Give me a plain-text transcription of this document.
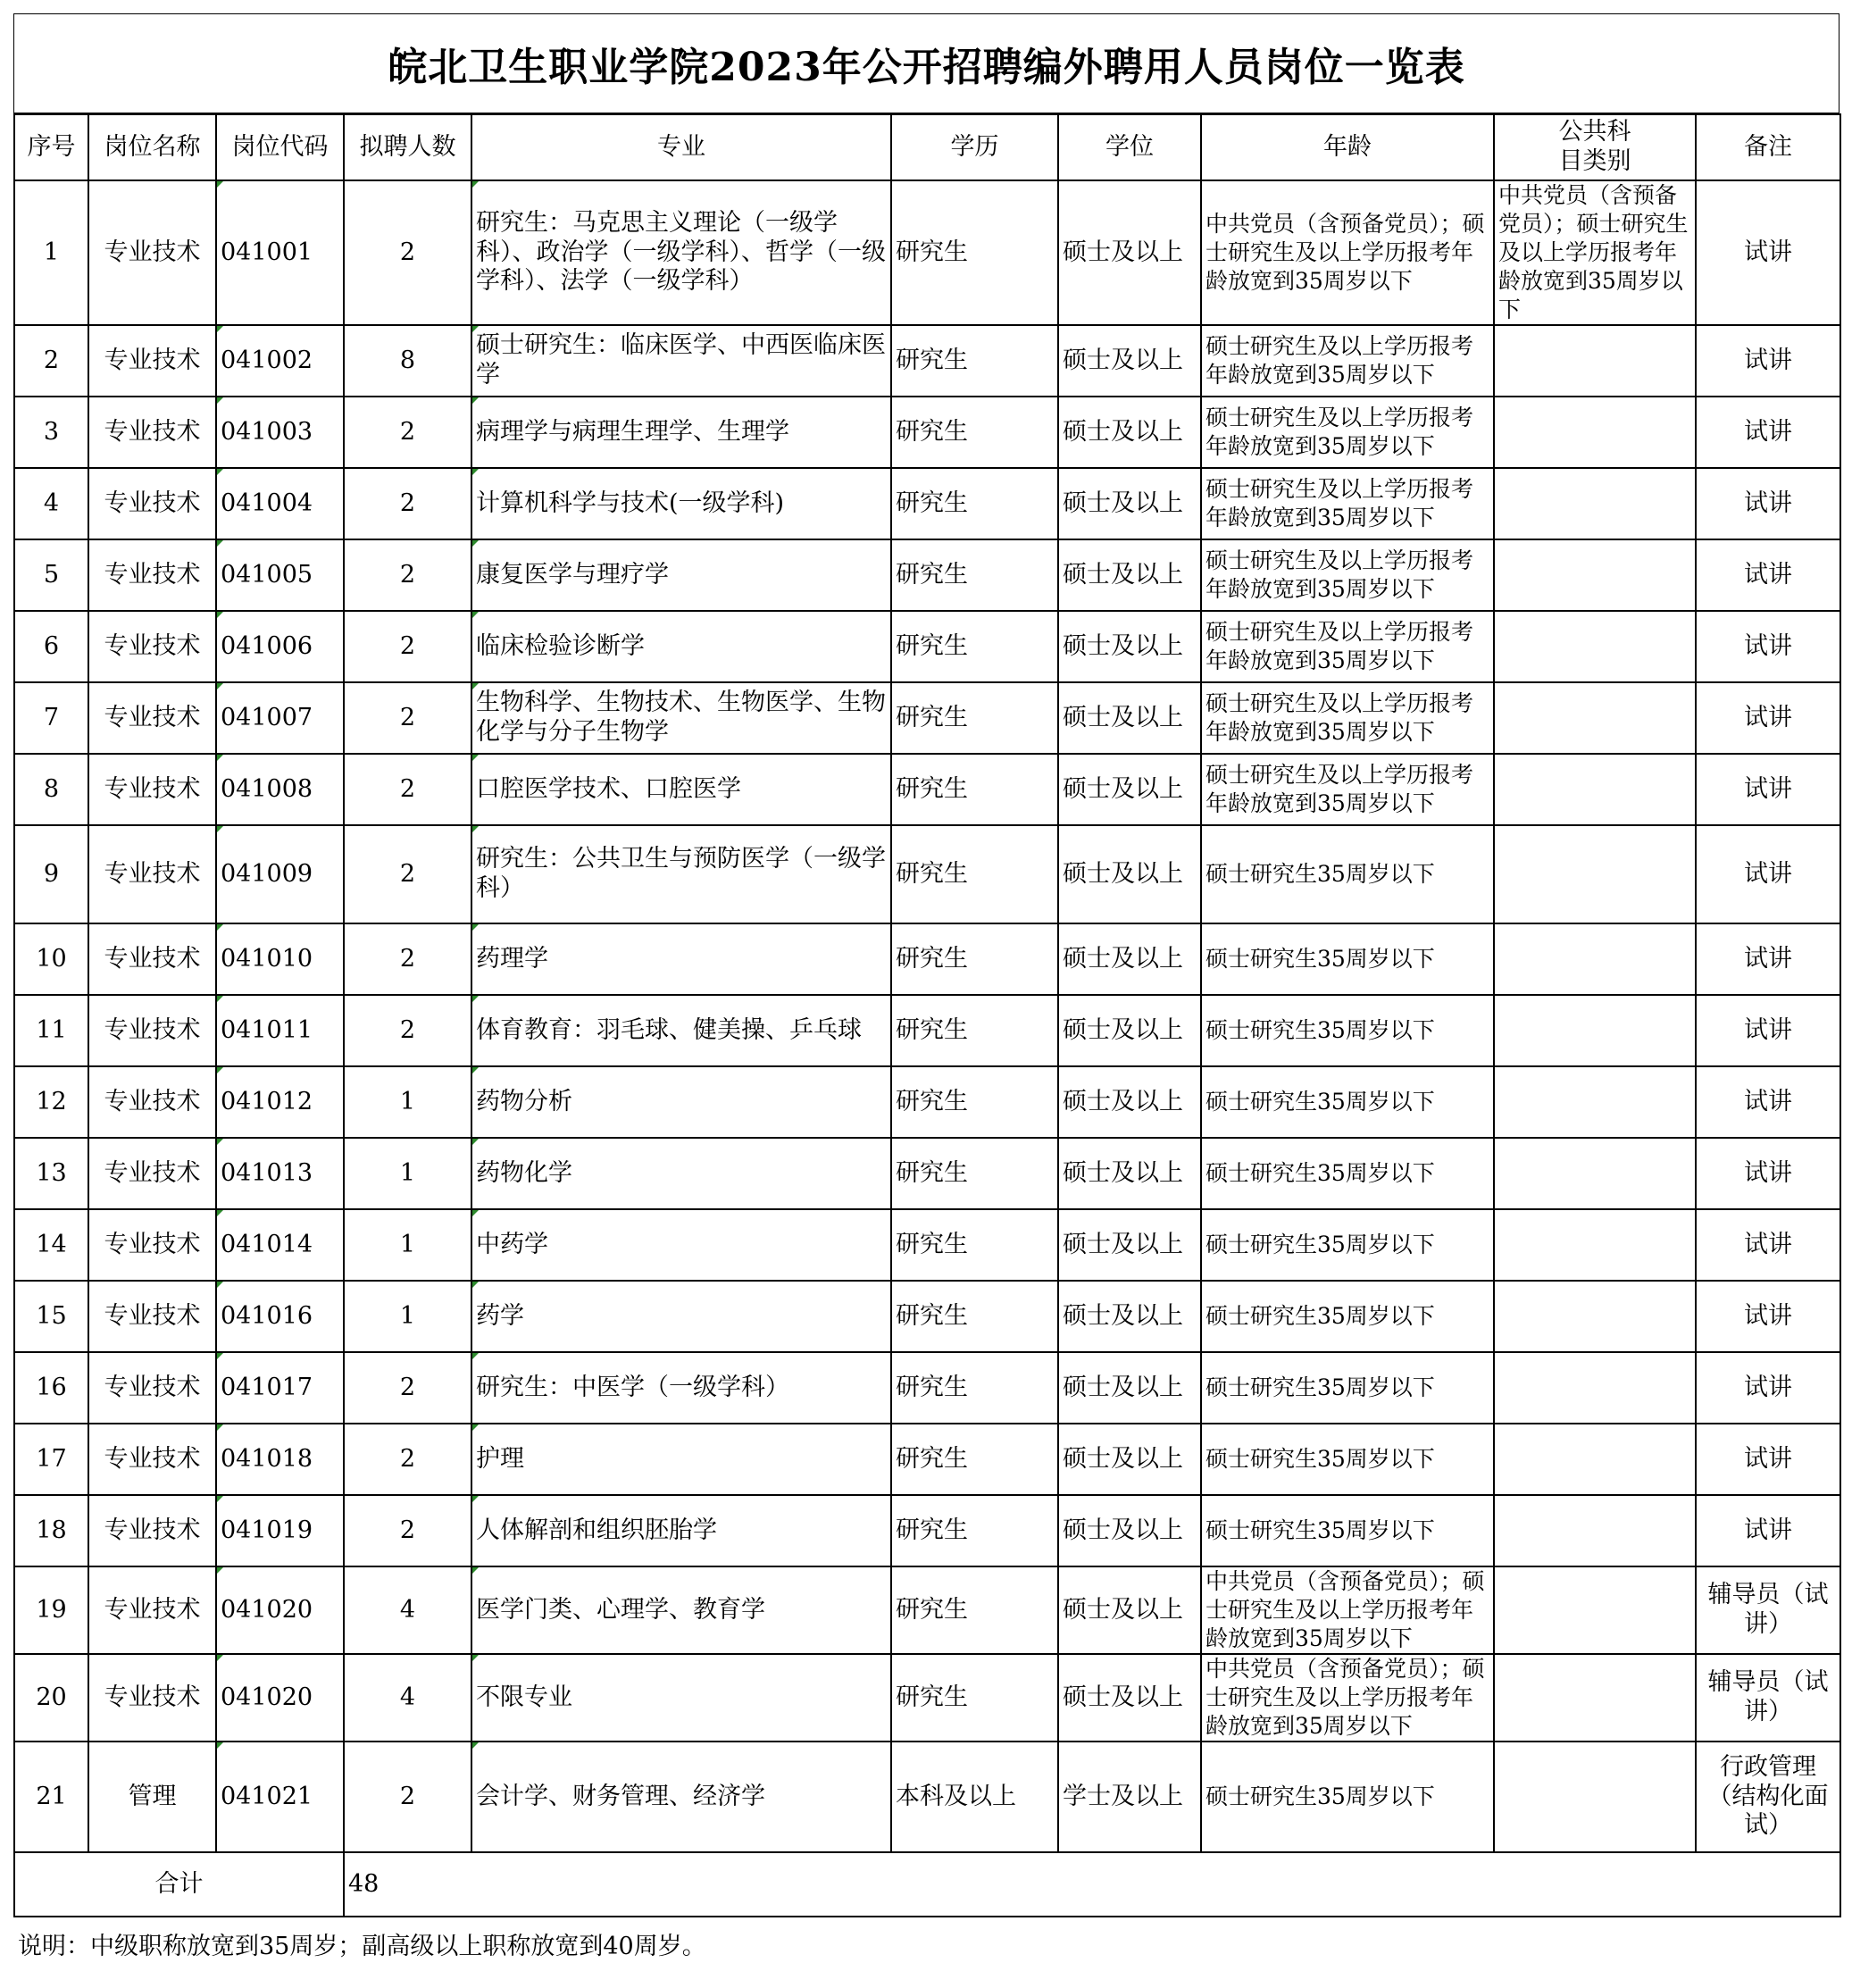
皖北卫生职业学院2023年公开招聘编外聘用人员岗位一览表
序号	岗位名称	岗位代码	拟聘人数	专业	学历	学位	年龄	公共科目类别	备注
1	专业技术	041001	2	研究生：马克思主义理论（一级学科）、政治学（一级学科）、哲学（一级学科）、法学（一级学科）	研究生	硕士及以上	中共党员（含预备党员）；硕士研究生及以上学历报考年龄放宽到35周岁以下	中共党员（含预备党员）；硕士研究生及以上学历报考年龄放宽到35周岁以下	试讲
2	专业技术	041002	8	硕士研究生：临床医学、中西医临床医学	研究生	硕士及以上	硕士研究生及以上学历报考年龄放宽到35周岁以下		试讲
3	专业技术	041003	2	病理学与病理生理学、生理学	研究生	硕士及以上	硕士研究生及以上学历报考年龄放宽到35周岁以下		试讲
4	专业技术	041004	2	计算机科学与技术(一级学科)	研究生	硕士及以上	硕士研究生及以上学历报考年龄放宽到35周岁以下		试讲
5	专业技术	041005	2	康复医学与理疗学	研究生	硕士及以上	硕士研究生及以上学历报考年龄放宽到35周岁以下		试讲
6	专业技术	041006	2	临床检验诊断学	研究生	硕士及以上	硕士研究生及以上学历报考年龄放宽到35周岁以下		试讲
7	专业技术	041007	2	生物科学、生物技术、生物医学、生物化学与分子生物学	研究生	硕士及以上	硕士研究生及以上学历报考年龄放宽到35周岁以下		试讲
8	专业技术	041008	2	口腔医学技术、口腔医学	研究生	硕士及以上	硕士研究生及以上学历报考年龄放宽到35周岁以下		试讲
9	专业技术	041009	2	研究生：公共卫生与预防医学（一级学科）	研究生	硕士及以上	硕士研究生35周岁以下		试讲
10	专业技术	041010	2	药理学	研究生	硕士及以上	硕士研究生35周岁以下		试讲
11	专业技术	041011	2	体育教育：羽毛球、健美操、乒乓球	研究生	硕士及以上	硕士研究生35周岁以下		试讲
12	专业技术	041012	1	药物分析	研究生	硕士及以上	硕士研究生35周岁以下		试讲
13	专业技术	041013	1	药物化学	研究生	硕士及以上	硕士研究生35周岁以下		试讲
14	专业技术	041014	1	中药学	研究生	硕士及以上	硕士研究生35周岁以下		试讲
15	专业技术	041016	1	药学	研究生	硕士及以上	硕士研究生35周岁以下		试讲
16	专业技术	041017	2	研究生：中医学（一级学科）	研究生	硕士及以上	硕士研究生35周岁以下		试讲
17	专业技术	041018	2	护理	研究生	硕士及以上	硕士研究生35周岁以下		试讲
18	专业技术	041019	2	人体解剖和组织胚胎学	研究生	硕士及以上	硕士研究生35周岁以下		试讲
19	专业技术	041020	4	医学门类、心理学、教育学	研究生	硕士及以上	中共党员（含预备党员）；硕士研究生及以上学历报考年龄放宽到35周岁以下		辅导员（试讲）
20	专业技术	041020	4	不限专业	研究生	硕士及以上	中共党员（含预备党员）；硕士研究生及以上学历报考年龄放宽到35周岁以下		辅导员（试讲）
21	管理	041021	2	会计学、财务管理、经济学	本科及以上	学士及以上	硕士研究生35周岁以下		行政管理（结构化面试）
合计			48						
说明：中级职称放宽到35周岁；副高级以上职称放宽到40周岁。									
